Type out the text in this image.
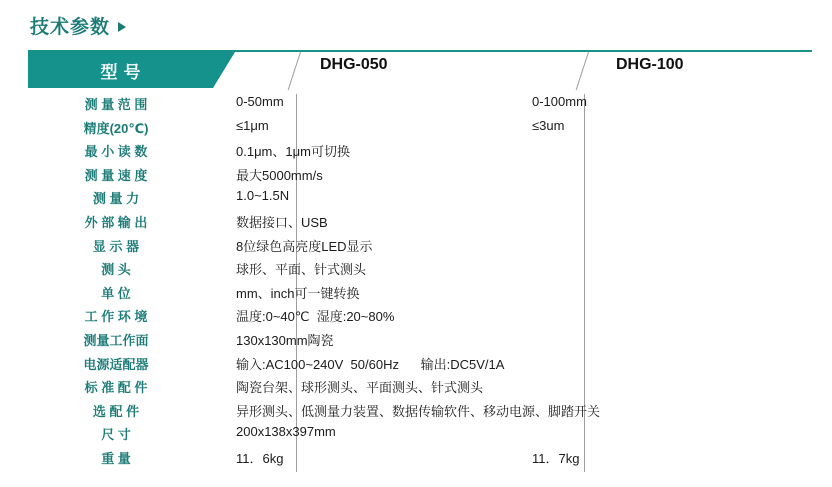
技术参数
型号	DHG-050	DHG-100
测 量 范 围	0-50mm	0-100mm
精度(20℃)	≤1μm	≤3um
最 小 读 数	0.1μm、1μm可切换
测 量 速 度	最大5000mm/s
测 量 力	1.0~1.5N
外 部 输 出	数据接口、USB
显 示 器	8位绿色高亮度LED显示
测 头	球形、平面、针式测头
单 位	mm、inch可一键转换
工 作 环 境	温度:0~40℃  湿度:20~80%
测量工作面	130x130mm陶瓷
电源适配器	输入:AC100~240V  50/60Hz      输出:DC5V/1A
标 准 配 件	陶瓷台架、球形测头、平面测头、针式测头
选 配 件	异形测头、低测量力装置、数据传输软件、移动电源、脚踏开关
尺 寸	200x138x397mm
重 量	11．6kg	11．7kg
